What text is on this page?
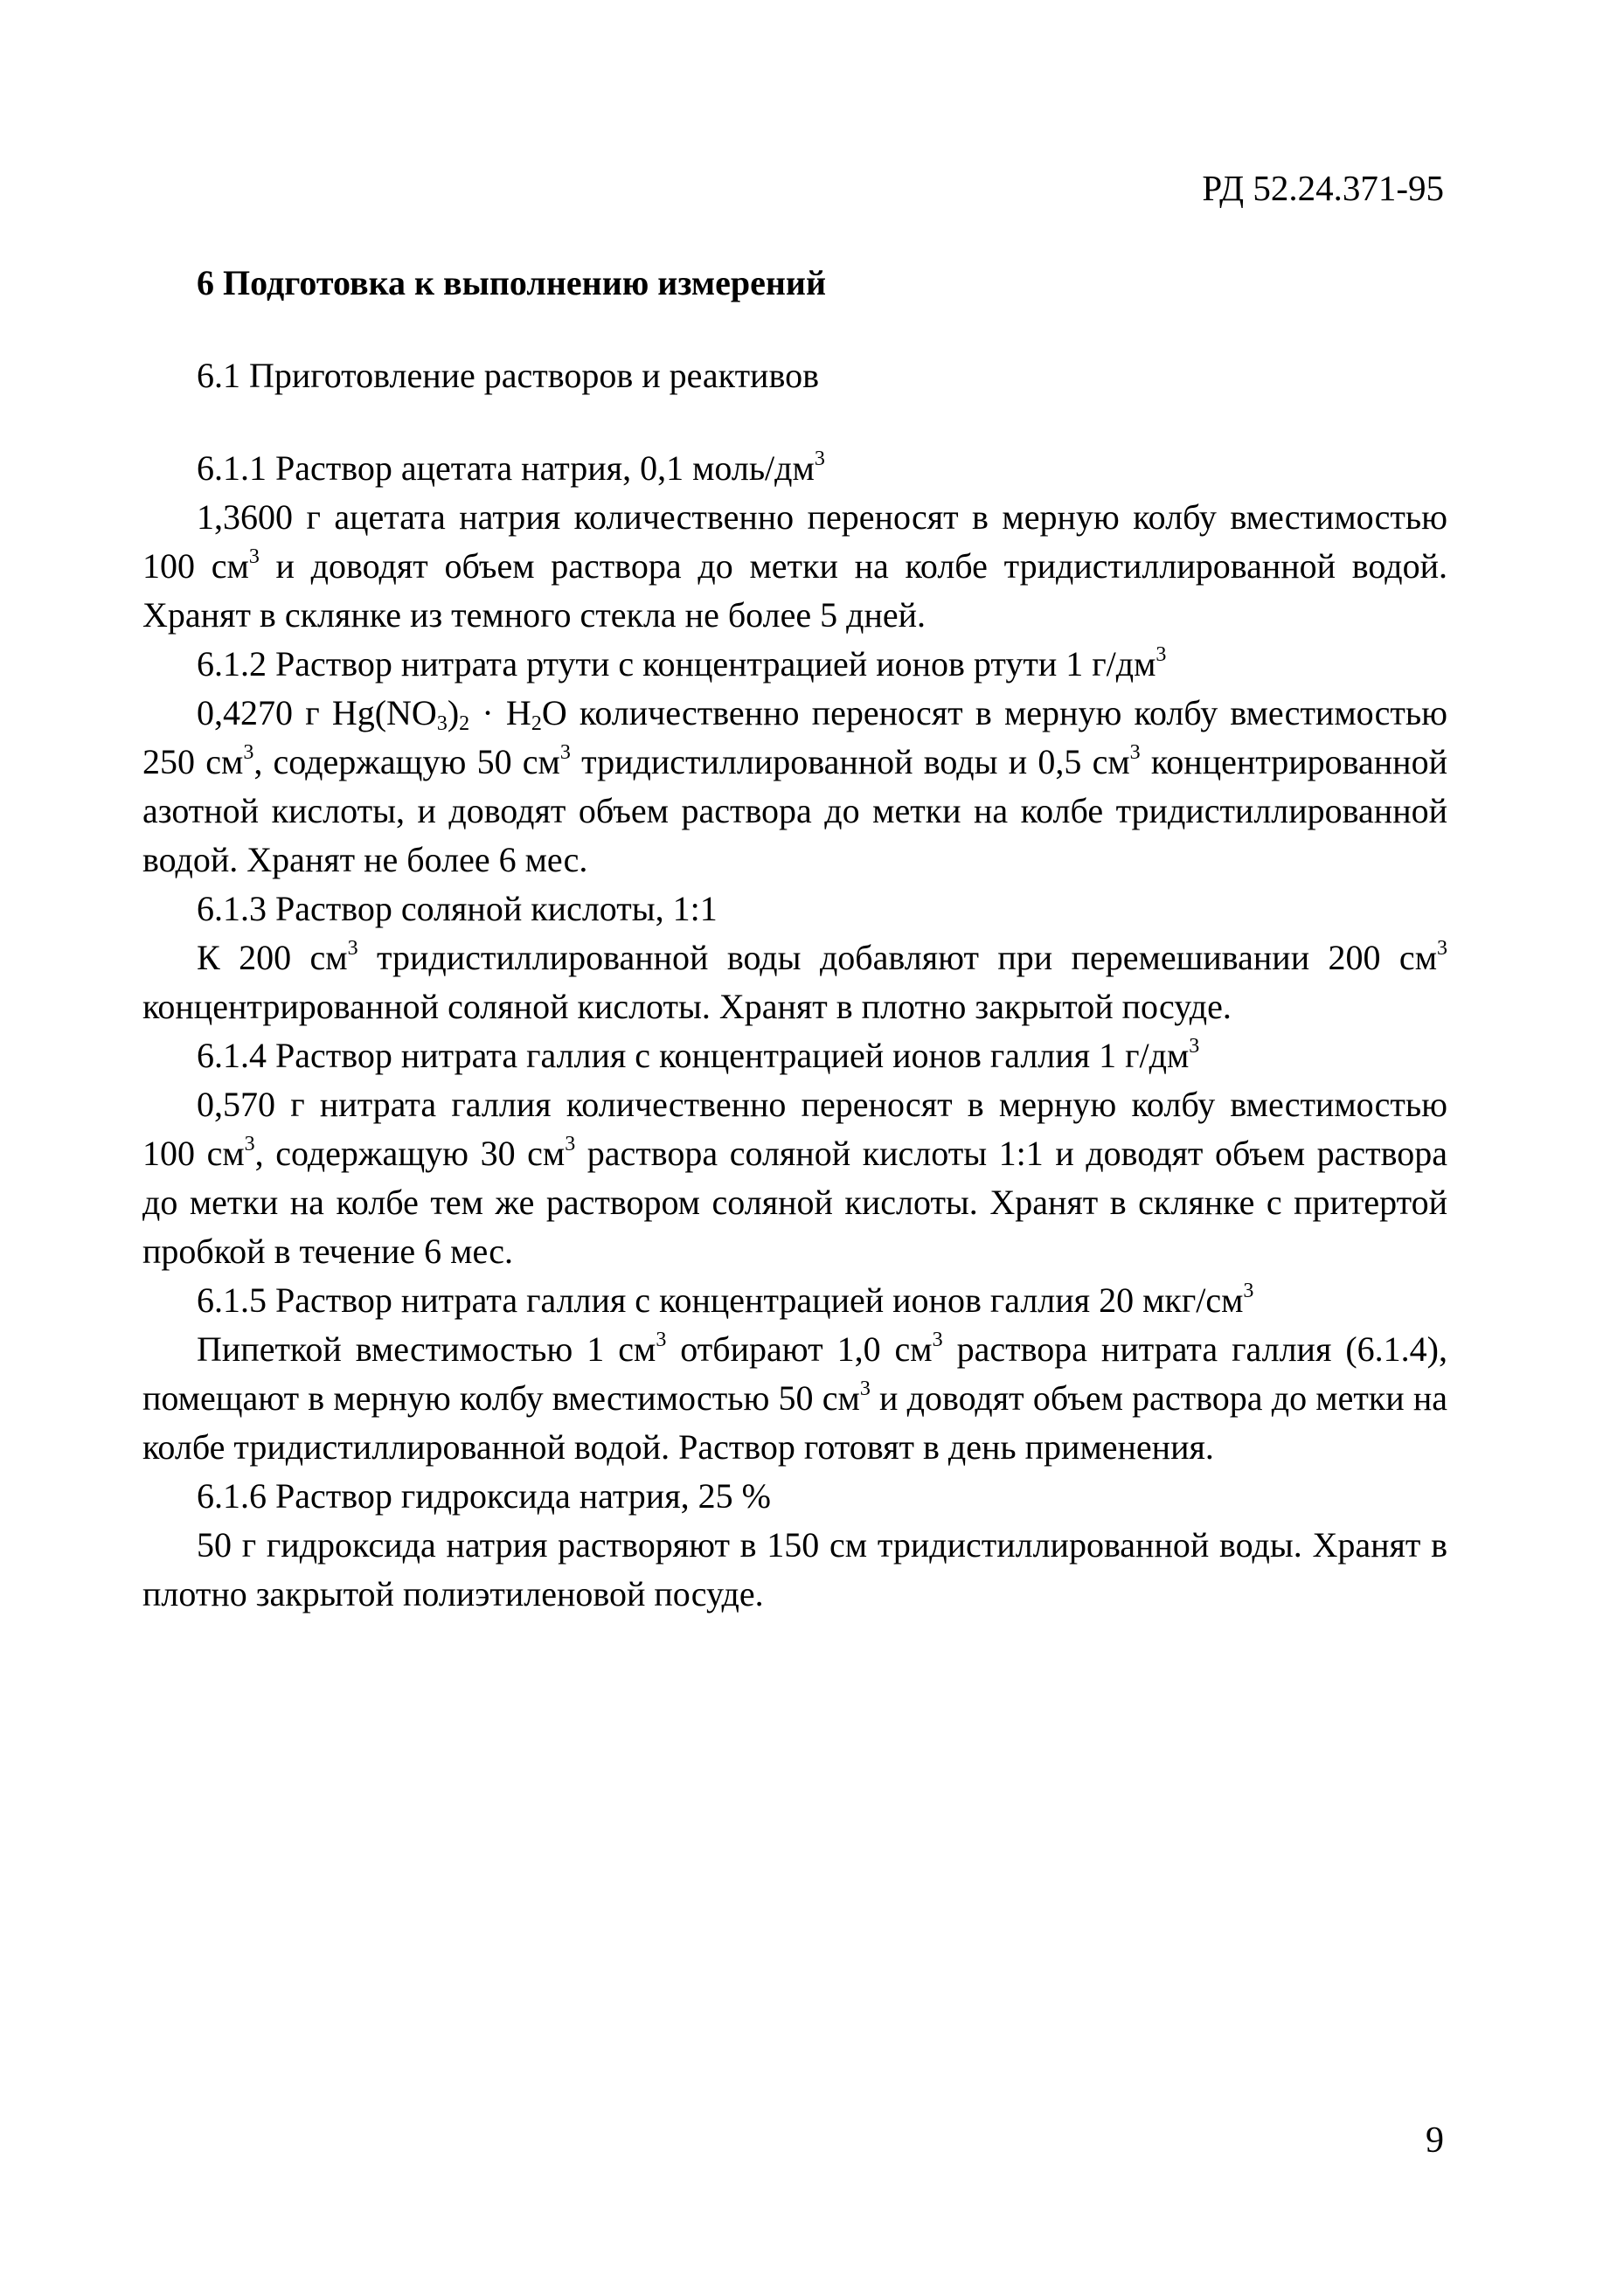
РД 52.24.371-95
6 Подготовка к выполнению измерений
6.1 Приготовление растворов и реактивов
6.1.1 Раствор ацетата натрия, 0,1 моль/$дм^3$

1,3600 г ацетата натрия количественно переносят в мерную колбу вместимостью 100 $см^3$ и доводят объем раствора до метки на колбе тридистиллированной водой. Хранят в склянке из темного стекла не более 5 дней.

6.1.2 Раствор нитрата ртути с концентрацией ионов ртути 1 $г/дм^3$

0,4270 г $Hg(NO_3)_2 \cdot H_2O$ количественно переносят в мерную колбу вместимостью 250 $см^3$, содержащую 50 $см^3$ тридистиллированной воды и 0,5 $см^3$ концентрированной азотной кислоты, и доводят объем раствора до метки на колбе тридистиллированной водой. Хранят не более 6 мес.

6.1.3 Раствор соляной кислоты, 1:1

К 200 $см^3$ тридистиллированной воды добавляют при перемешивании 200 $см^3$ концентрированной соляной кислоты. Хранят в плотно закрытой посуде.

6.1.4 Раствор нитрата галлия с концентрацией ионов галлия 1 $г/дм^3$

0,570 г нитрата галлия количественно переносят в мерную колбу вместимостью 100 $см^3$, содержащую 30 $см^3$ раствора соляной кислоты 1:1 и доводят объем раствора до метки на колбе тем же раствором соляной кислоты. Хранят в склянке с притертой пробкой в течение 6 мес.

6.1.5 Раствор нитрата галлия с концентрацией ионов галлия 20 мкг/$см^3$

Пипеткой вместимостью 1 $см^3$ отбирают 1,0 $см^3$ раствора нитрата галлия (6.1.4), помещают в мерную колбу вместимостью 50 $см^3$ и доводят объем раствора до метки на колбе тридистиллированной водой. Раствор готовят в день применения.

6.1.6 Раствор гидроксида натрия, 25 %

50 г гидроксида натрия растворяют в 150 см тридистиллированной воды. Хранят в плотно закрытой полиэтиленовой посуде.

9
